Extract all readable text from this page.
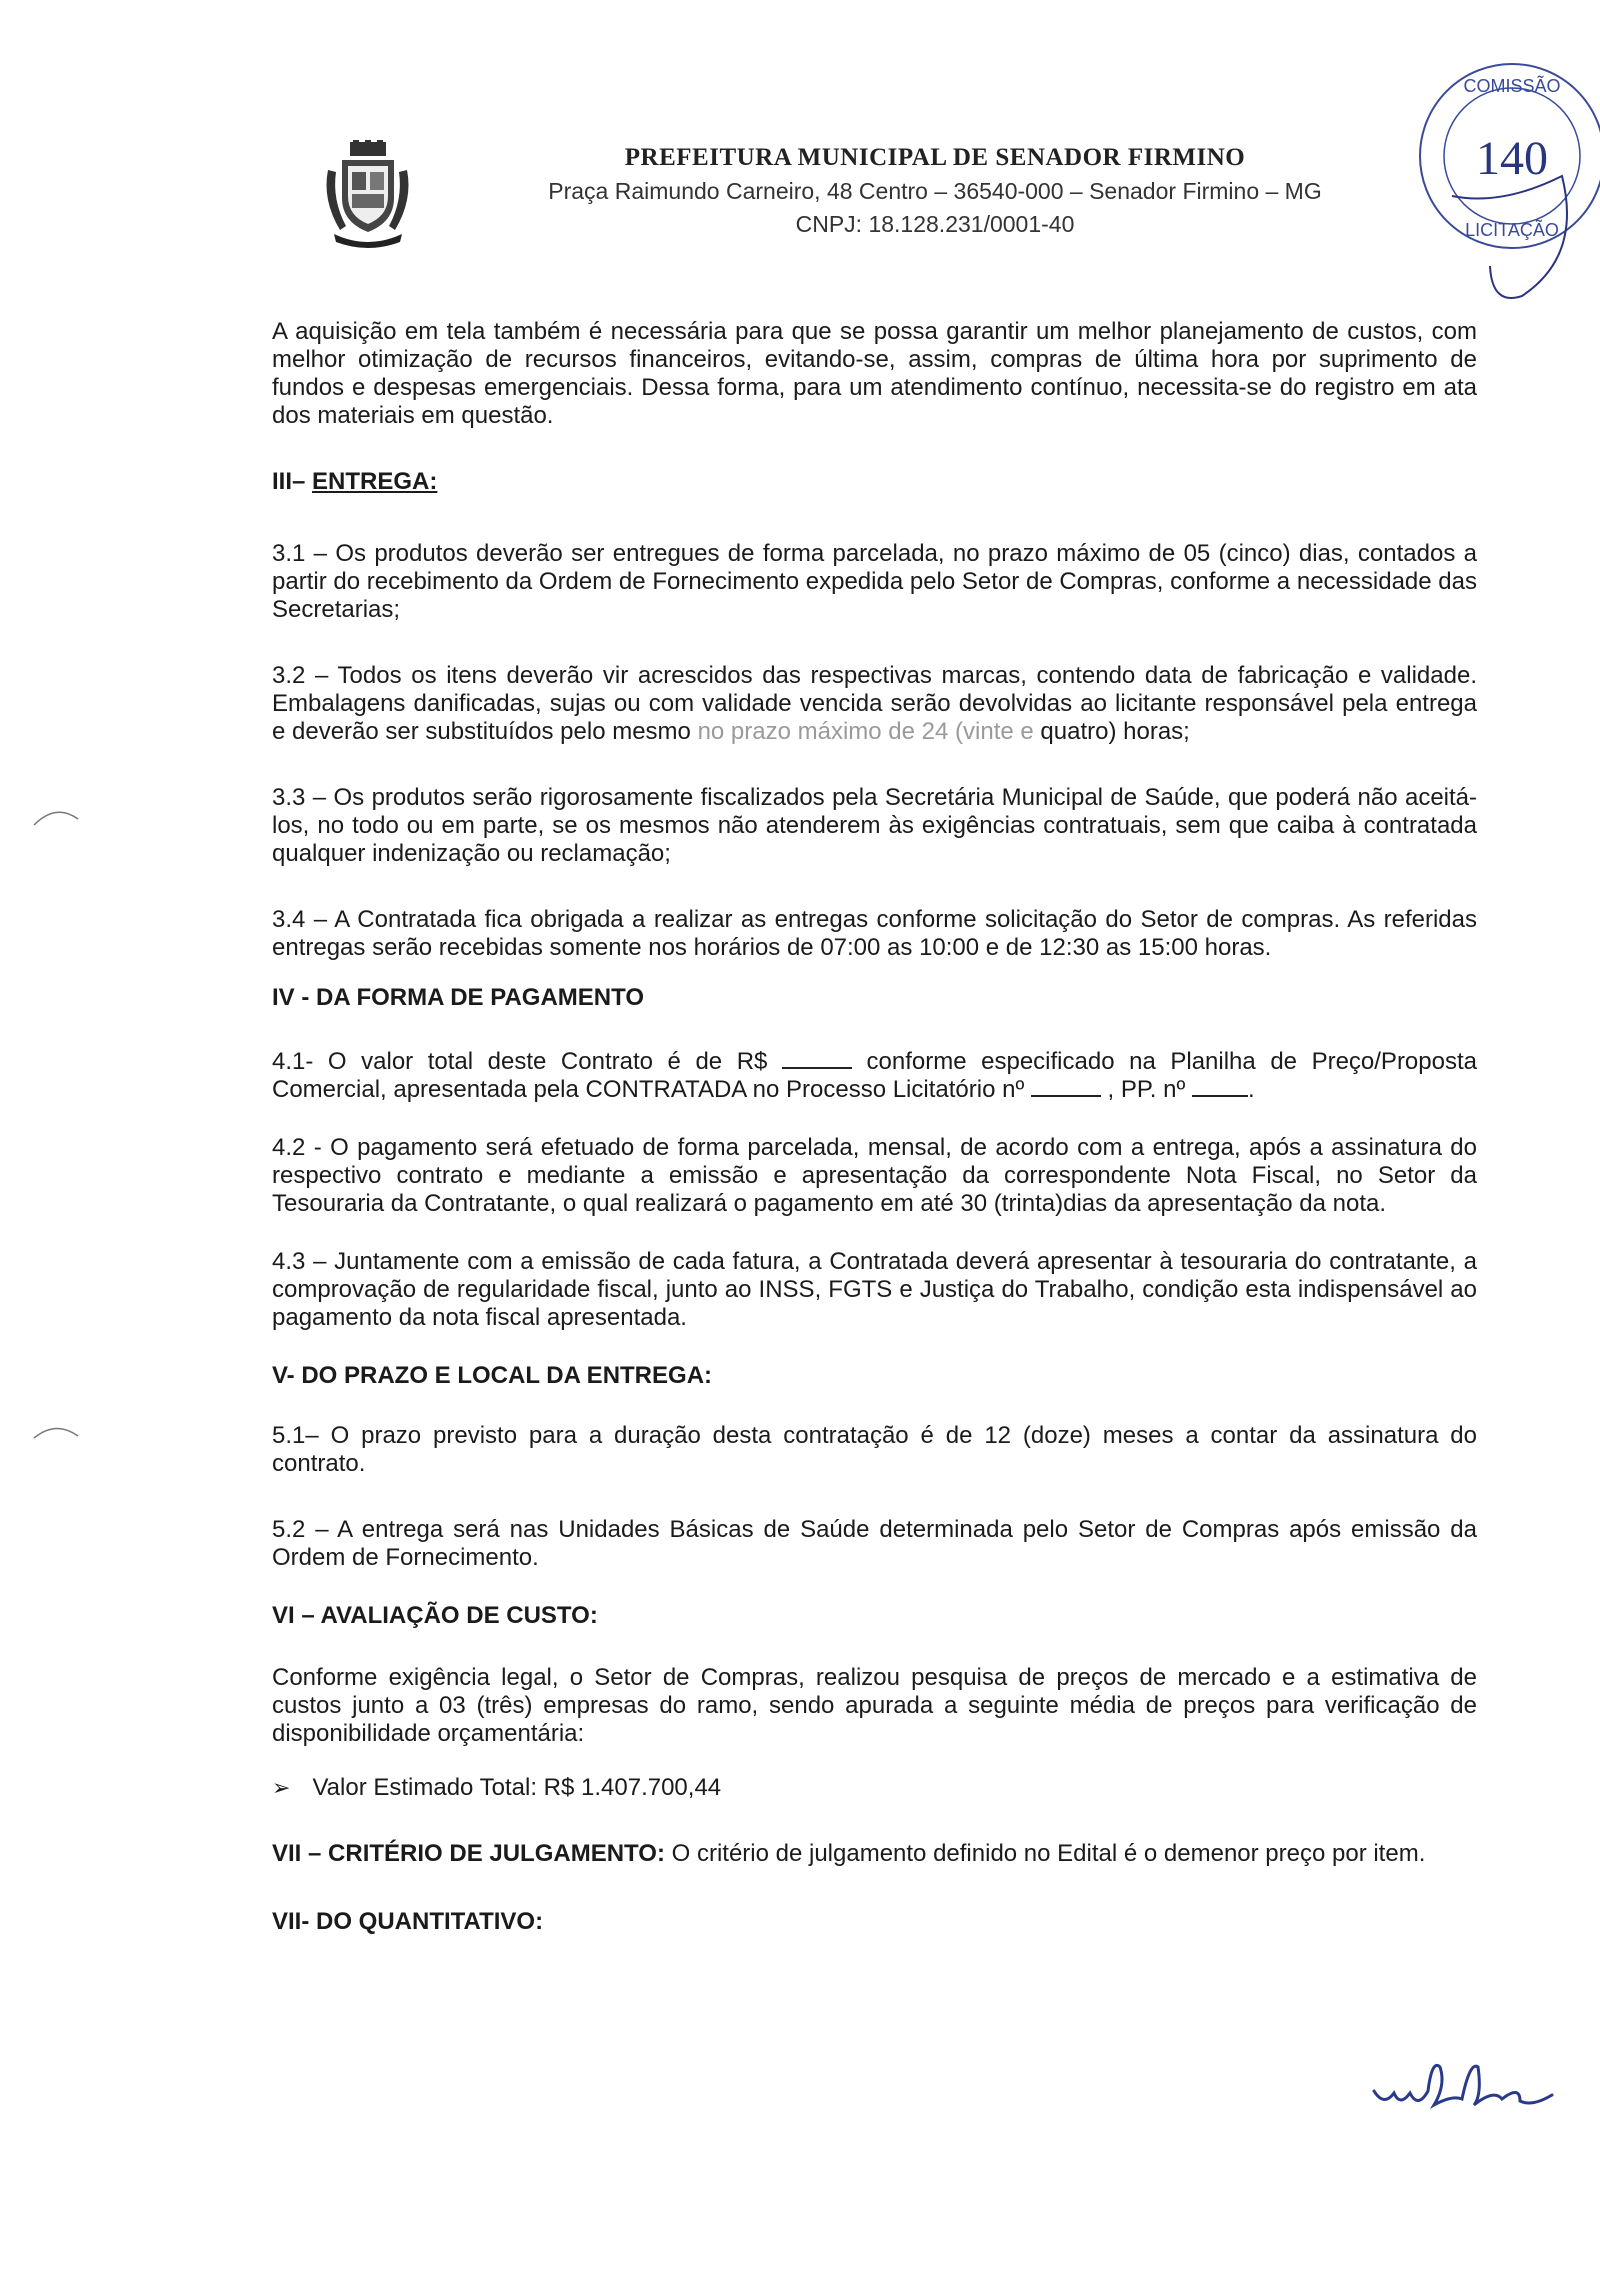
PREFEITURA MUNICIPAL DE SENADOR FIRMINO
Praça Raimundo Carneiro, 48 Centro – 36540-000 – Senador Firmino – MG
CNPJ: 18.128.231/0001-40
COMISSÃO
140
LICITAÇÃO

A aquisição em tela também é necessária para que se possa garantir um melhor planejamento de custos, com melhor otimização de recursos financeiros, evitando-se, assim, compras de última hora por suprimento de fundos e despesas emergenciais. Dessa forma, para um atendimento contínuo, necessita-se do registro em ata dos materiais em questão.

III– ENTREGA:

3.1 – Os produtos deverão ser entregues de forma parcelada, no prazo máximo de 05 (cinco) dias, contados a partir do recebimento da Ordem de Fornecimento expedida pelo Setor de Compras, conforme a necessidade das Secretarias;

3.2 – Todos os itens deverão vir acrescidos das respectivas marcas, contendo data de fabricação e validade. Embalagens danificadas, sujas ou com validade vencida serão devolvidas ao licitante responsável pela entrega e deverão ser substituídos pelo mesmo no prazo máximo de 24 (vinte e quatro) horas;

3.3 – Os produtos serão rigorosamente fiscalizados pela Secretária Municipal de Saúde, que poderá não aceitá-los, no todo ou em parte, se os mesmos não atenderem às exigências contratuais, sem que caiba à contratada qualquer indenização ou reclamação;

3.4 – A Contratada fica obrigada a realizar as entregas conforme solicitação do Setor de compras. As referidas entregas serão recebidas somente nos horários de 07:00 as 10:00 e de 12:30 as 15:00 horas.

IV - DA FORMA DE PAGAMENTO

4.1- O valor total deste Contrato é de R$	conforme especificado na Planilha de Preço/Proposta Comercial, apresentada pela CONTRATADA no Processo Licitatório nº	, PP. nº	.

4.2 - O pagamento será efetuado de forma parcelada, mensal, de acordo com a entrega, após a assinatura do respectivo contrato e mediante a emissão e apresentação da correspondente Nota Fiscal, no Setor da Tesouraria da Contratante, o qual realizará o pagamento em até 30 (trinta)dias da apresentação da nota.

4.3 – Juntamente com a emissão de cada fatura, a Contratada deverá apresentar à tesouraria do contratante, a comprovação de regularidade fiscal, junto ao INSS, FGTS e Justiça do Trabalho, condição esta indispensável ao pagamento da nota fiscal apresentada.

V- DO PRAZO E LOCAL DA ENTREGA:

5.1– O prazo previsto para a duração desta contratação é de 12 (doze) meses a contar da assinatura do contrato.

5.2 – A entrega será nas Unidades Básicas de Saúde determinada pelo Setor de Compras após emissão da Ordem de Fornecimento.

VI – AVALIAÇÃO DE CUSTO:

Conforme exigência legal, o Setor de Compras, realizou pesquisa de preços de mercado e a estimativa de custos junto a 03 (três) empresas do ramo, sendo apurada a seguinte média de preços para verificação de disponibilidade orçamentária:

➢ Valor Estimado Total: R$ 1.407.700,44

VII – CRITÉRIO DE JULGAMENTO: O critério de julgamento definido no Edital é o demenor preço por item.

VII- DO QUANTITATIVO:
